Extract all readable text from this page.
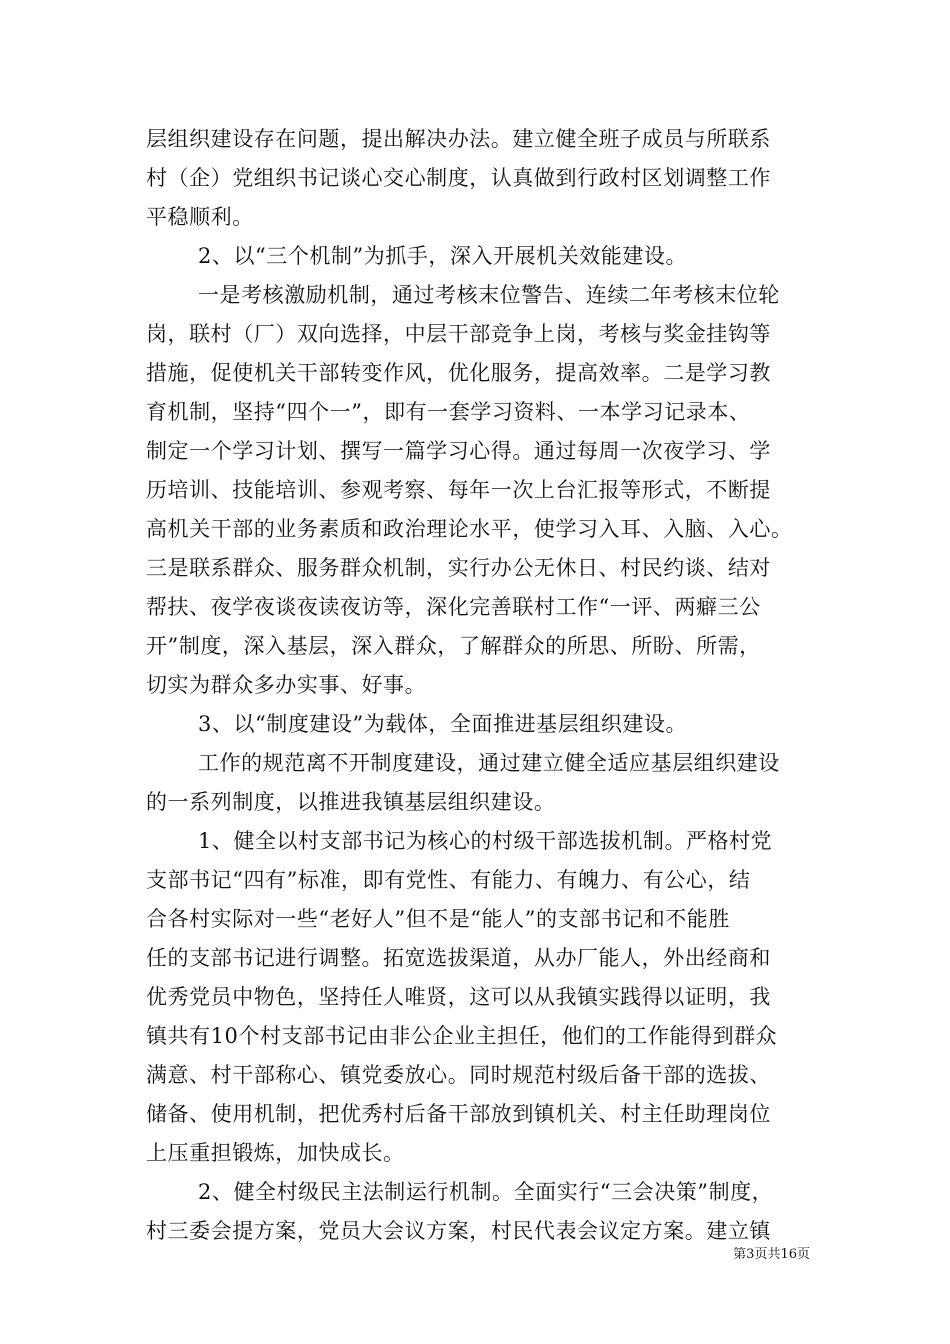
层组织建设存在问题，提出解决办法。建立健全班子成员与所联系
村（企）党组织书记谈心交心制度，认真做到行政村区划调整工作
平稳顺利。
2、以“三个机制”为抓手，深入开展机关效能建设。
一是考核激励机制，通过考核末位警告、连续二年考核末位轮
岗，联村（厂）双向选择，中层干部竞争上岗，考核与奖金挂钩等
措施，促使机关干部转变作风，优化服务，提高效率。二是学习教
育机制，坚持“四个一”，即有一套学习资料、一本学习记录本、
制定一个学习计划、撰写一篇学习心得。通过每周一次夜学习、学
历培训、技能培训、参观考察、每年一次上台汇报等形式，不断提
高机关干部的业务素质和政治理论水平，使学习入耳、入脑、入心。
三是联系群众、服务群众机制，实行办公无休日、村民约谈、结对
帮扶、夜学夜谈夜读夜访等，深化完善联村工作“一评、两癖三公
开”制度，深入基层，深入群众，了解群众的所思、所盼、所需，
切实为群众多办实事、好事。
3、以“制度建设”为载体，全面推进基层组织建设。
工作的规范离不开制度建设，通过建立健全适应基层组织建设
的一系列制度，以推进我镇基层组织建设。
1、健全以村支部书记为核心的村级干部选拔机制。严格村党
支部书记“四有”标准，即有党性、有能力、有魄力、有公心，结
合各村实际对一些“老好人”但不是“能人”的支部书记和不能胜
任的支部书记进行调整。拓宽选拔渠道，从办厂能人，外出经商和
优秀党员中物色，坚持任人唯贤，这可以从我镇实践得以证明，我
镇共有10个村支部书记由非公企业主担任，他们的工作能得到群众
满意、村干部称心、镇党委放心。同时规范村级后备干部的选拔、
储备、使用机制，把优秀村后备干部放到镇机关、村主任助理岗位
上压重担锻炼，加快成长。
2、健全村级民主法制运行机制。全面实行“三会决策”制度，
村三委会提方案，党员大会议方案，村民代表会议定方案。建立镇
第3页共16页
